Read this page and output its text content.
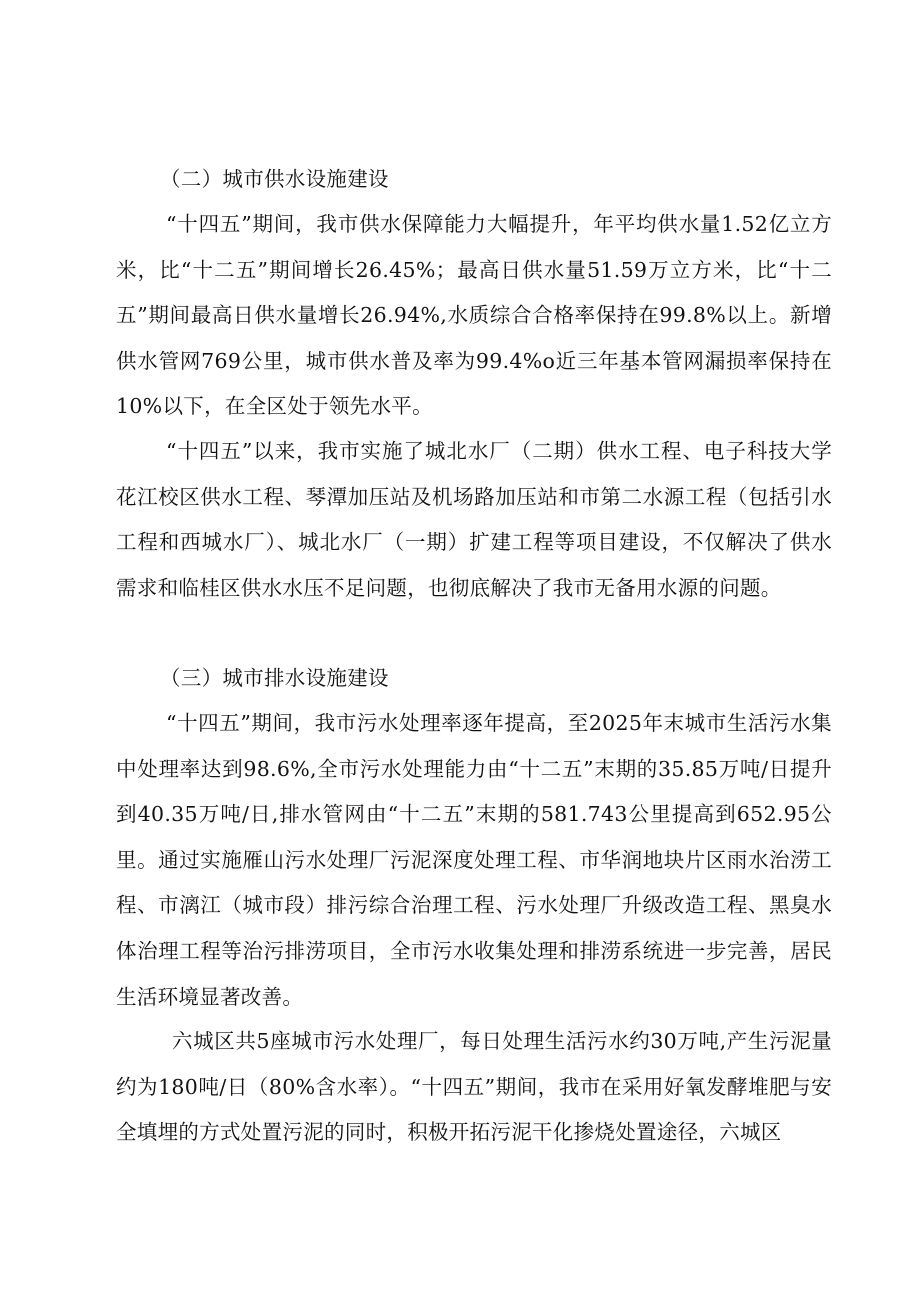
（二）城市供水设施建设

“十四五”期间，我市供水保障能力大幅提升，年平均供水量1.52亿立方米，比“十二五”期间增长26.45%；最高日供水量51.59万立方米，比“十二五”期间最高日供水量增长26.94%,水质综合合格率保持在99.8%以上。新增供水管网769公里，城市供水普及率为99.4%o近三年基本管网漏损率保持在10%以下，在全区处于领先水平。

“十四五”以来，我市实施了城北水厂（二期）供水工程、电子科技大学花江校区供水工程、琴潭加压站及机场路加压站和市第二水源工程（包括引水工程和西城水厂）、城北水厂（一期）扩建工程等项目建设，不仅解决了供水需求和临桂区供水水压不足问题，也彻底解决了我市无备用水源的问题。

（三）城市排水设施建设

“十四五”期间，我市污水处理率逐年提高，至2025年末城市生活污水集中处理率达到98.6%,全市污水处理能力由“十二五”末期的35.85万吨/日提升到40.35万吨/日,排水管网由“十二五”末期的581.743公里提高到652.95公里。通过实施雁山污水处理厂污泥深度处理工程、市华润地块片区雨水治涝工程、市漓江（城市段）排污综合治理工程、污水处理厂升级改造工程、黑臭水体治理工程等治污排涝项目，全市污水收集处理和排涝系统进一步完善，居民生活环境显著改善。

六城区共5座城市污水处理厂，每日处理生活污水约30万吨,产生污泥量约为180吨/日（80%含水率）。“十四五”期间，我市在采用好氧发酵堆肥与安全填埋的方式处置污泥的同时，积极开拓污泥干化掺烧处置途径，六城区
